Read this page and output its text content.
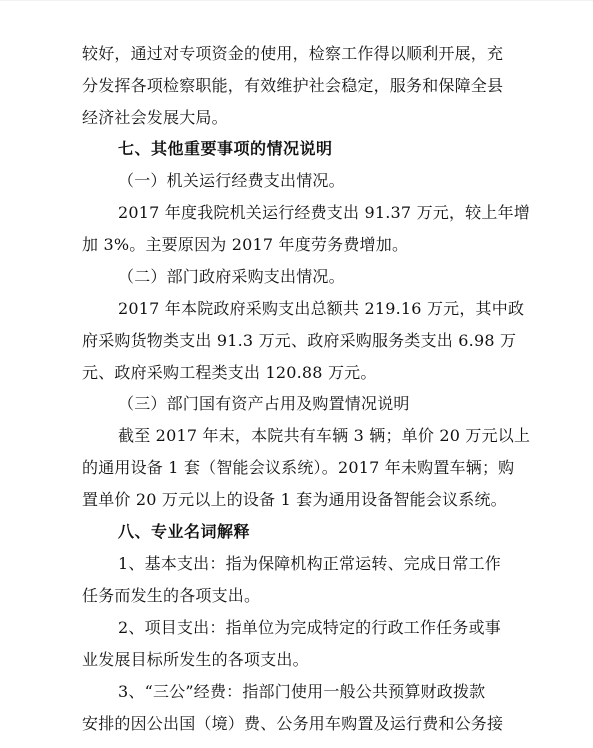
较好，通过对专项资金的使用，检察工作得以顺利开展，充
分发挥各项检察职能，有效维护社会稳定，服务和保障全县
经济社会发展大局。
七、其他重要事项的情况说明
（一）机关运行经费支出情况。
2017 年度我院机关运行经费支出 91.37 万元，较上年增
加 3%。主要原因为 2017 年度劳务费增加。
（二）部门政府采购支出情况。
2017 年本院政府采购支出总额共 219.16 万元，其中政
府采购货物类支出 91.3 万元、政府采购服务类支出 6.98 万
元、政府采购工程类支出 120.88 万元。
（三）部门国有资产占用及购置情况说明
截至 2017 年末，本院共有车辆 3 辆；单价 20 万元以上
的通用设备 1 套（智能会议系统）。2017 年未购置车辆；购
置单价 20 万元以上的设备 1 套为通用设备智能会议系统。
八、专业名词解释
1、基本支出：指为保障机构正常运转、完成日常工作
任务而发生的各项支出。
2、项目支出：指单位为完成特定的行政工作任务或事
业发展目标所发生的各项支出。
3、“三公”经费：指部门使用一般公共预算财政拨款
安排的因公出国（境）费、公务用车购置及运行费和公务接
